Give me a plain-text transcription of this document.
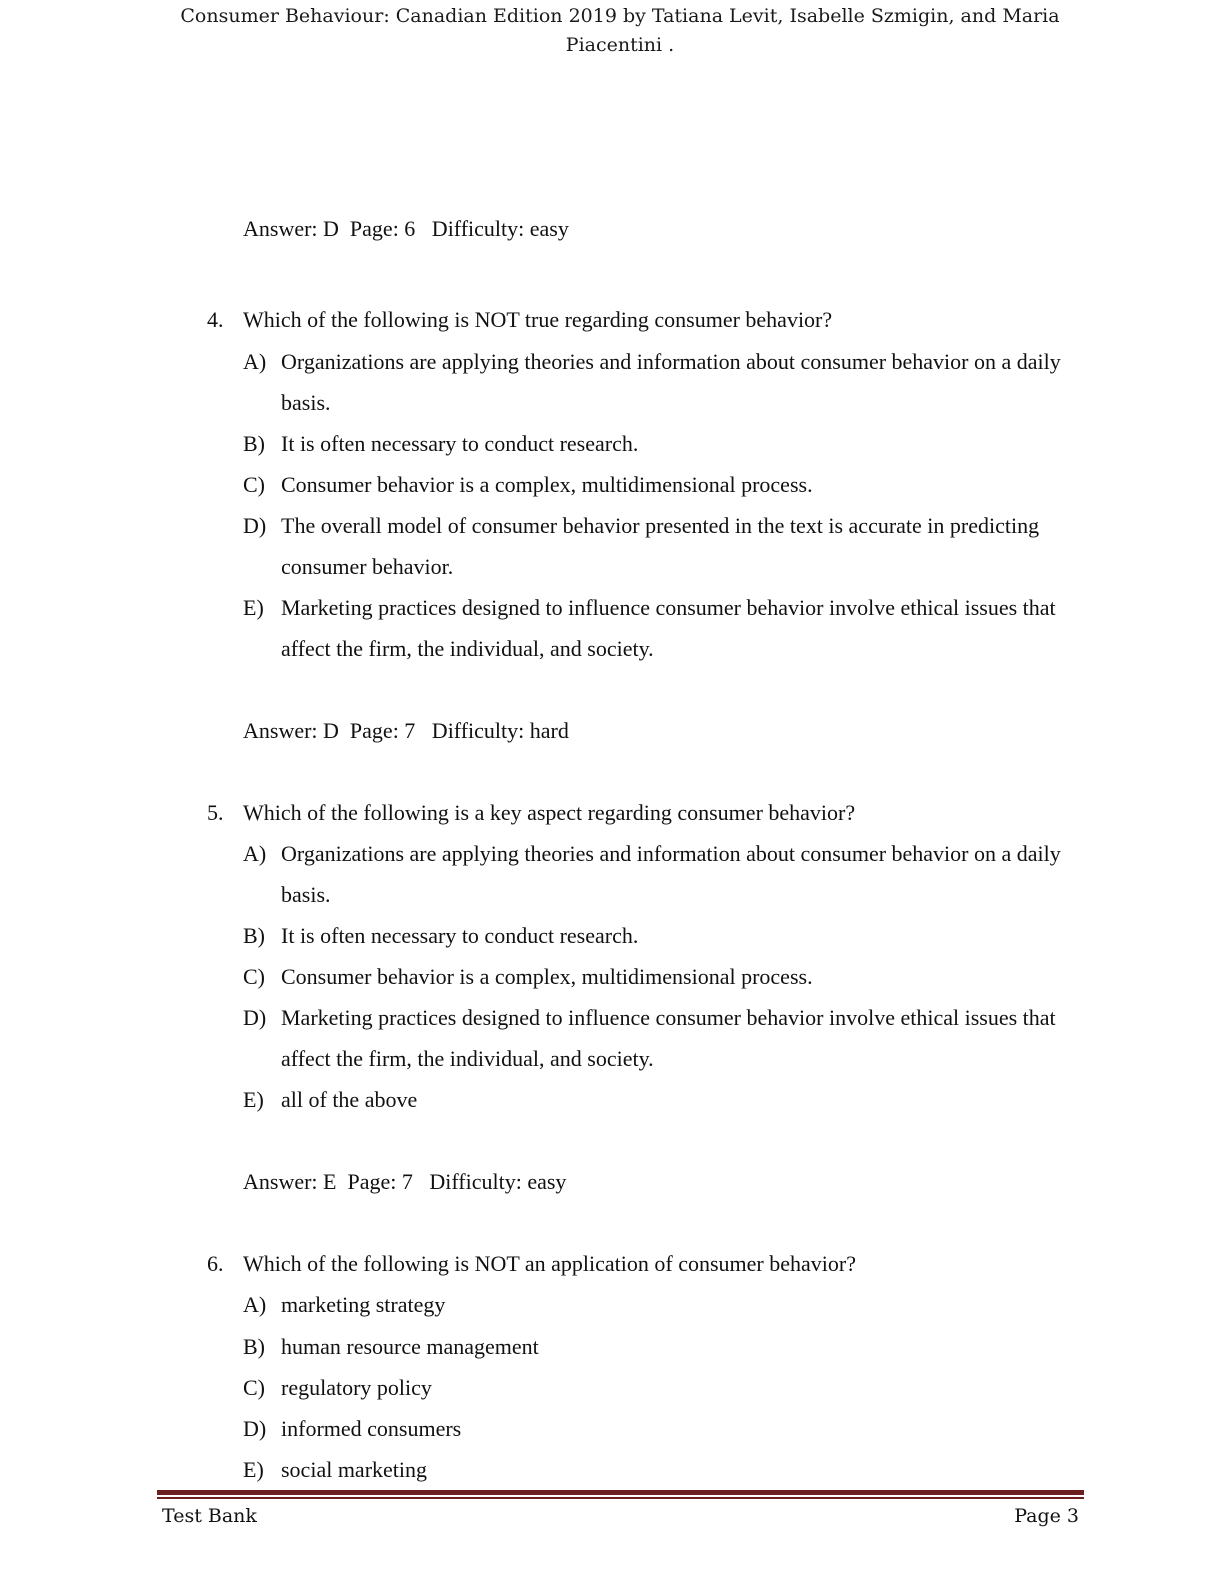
Consumer Behaviour: Canadian Edition 2019 by Tatiana Levit, Isabelle Szmigin, and Maria Piacentini .
Answer: D  Page: 6   Difficulty: easy
4. Which of the following is NOT true regarding consumer behavior?
A) Organizations are applying theories and information about consumer behavior on a daily basis.
B) It is often necessary to conduct research.
C) Consumer behavior is a complex, multidimensional process.
D) The overall model of consumer behavior presented in the text is accurate in predicting consumer behavior.
E) Marketing practices designed to influence consumer behavior involve ethical issues that affect the firm, the individual, and society.
Answer: D  Page: 7   Difficulty: hard
5. Which of the following is a key aspect regarding consumer behavior?
A) Organizations are applying theories and information about consumer behavior on a daily basis.
B) It is often necessary to conduct research.
C) Consumer behavior is a complex, multidimensional process.
D) Marketing practices designed to influence consumer behavior involve ethical issues that affect the firm, the individual, and society.
E) all of the above
Answer: E  Page: 7   Difficulty: easy
6. Which of the following is NOT an application of consumer behavior?
A) marketing strategy
B) human resource management
C) regulatory policy
D) informed consumers
E) social marketing
Test Bank	Page 3
